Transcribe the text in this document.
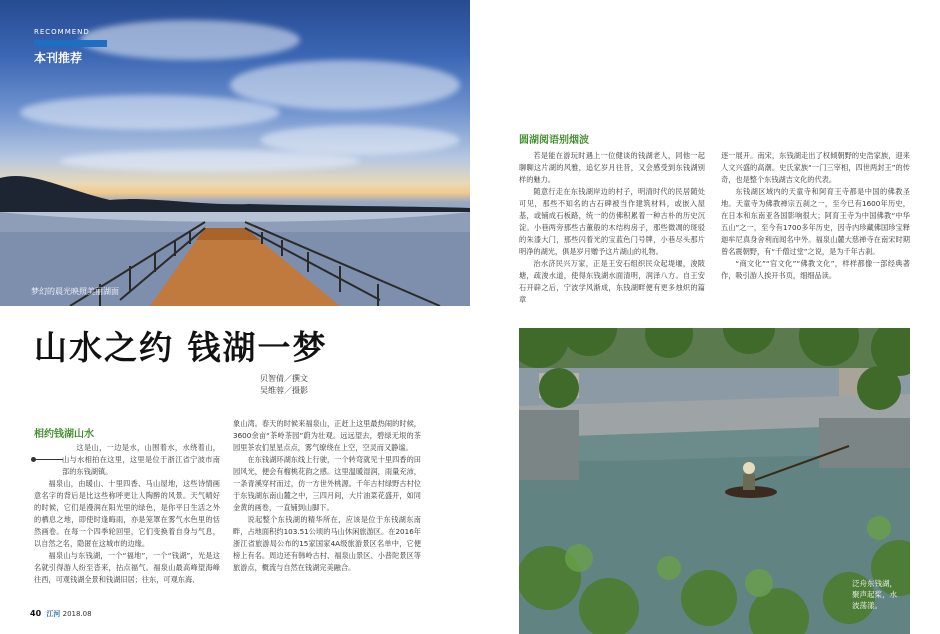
RECOMMEND
本刊推荐
梦幻的晨光映照美丽湖面
山水之约 钱湖一梦
贝智倩／撰文
吴维蓉／摄影
相约钱湖山水

这是山，一边是水，山围着水，水绕着山，山与水相拍在这里，这里是位于浙江省宁波市南部的东钱湖镇。

福泉山，由暖山、十里四香、马山屋地，这些诗情画意名字的背后是比这些称呼更让人陶醉的风景。天气晴好的时候，它们是漫润在阳光里的绿色，是你平日生活之外的栖息之地，即使时逢晦雨，亦是笼罩在雾气水色里的恬然画卷。在每一个四季轮回里，它们变换着自身与气息，以自然之名，隐匿在这城市的边缘。

福泉山与东钱湖，一个“福地”，一个“钱湖”，光是这名就引得游人纷至沓来，拈点福气。福泉山最高峰望海峰往西，可观钱湖全景和钱湖旧居；往东，可观东海、

象山湾。春天的时候来福泉山，正赶上这里最热闹的时候，3600余亩“茶岭茶园”蔚为壮观。远远望去，碧绿无垠的茶园里茶农们星星点点，雾气缭绕在上空，空灵而又静谧。

在东钱湖环湖东线上行驶，一个转弯就见十里四香的田园风光，便会有榴桃花韵之感。这里温暖湿润，雨量充沛，一条青溪穿村而过，仿一方世外桃源。千年古村绿野古村位于东钱湖东南山麓之中，三四月间，大片油菜花盛开，如同金黄的画卷，一直铺到山脚下。

说起整个东钱湖的精华所在，应该是位于东钱湖东南畔，占地面积约103.51公顷的马山休闲旅游区。在2016年浙江省旅游局公布的15家国家4A级旅游景区名单中，它便榜上有名。周边还有韩岭古村、福泉山景区、小普陀景区等旅游点，概流与自然在钱湖完美融合。

圆湖阅语别烟波

若是能在游玩时遇上一位健谈的钱湖老人，同他一起聊聊这片湖的风雅，追忆岁月往昔，又会感受到东钱湖别样的魅力。

随意行走在东钱湖岸边的村子，明清时代的民居随处可见，那些不知名的古石碑被当作建筑材料，或嵌入屋基，或铺成石板路，统一的仿佛积累着一种古朴的历史沉淀。小巷两旁那些古董般的木结构房子，那些微凋的斑驳的朱漆大门，那些闪着光的宝蓝色门号牌，小巷尽头那片明净的湖光，俱是岁月赠予这片湖山的礼物。

治水济民兴万家，正是王安石组织民众起堤堰，浚陂塘，疏浚水道，使得东钱湖水面清明，润泽八方。自王安石开辟之后，宁波学风渐成，东钱湖畔便有更多烛炽的篇章

逐一展开。南宋，东钱湖走出了权倾朝野的史浩家族，迎来人文兴盛的高潮。史氏家族“一门三宰相，四世两封王”的传奇，也是整个东钱湖吉文化的代表。

东钱湖区域内的天童寺和阿育王寺都是中国的佛教圣地。天童寺为佛教禅宗五刹之一，至今已有1600年历史，在日本和东南亚各国影响很大；阿育王寺为中国佛教“中华五山”之一，至今有1700多年历史，因寺内珍藏佛国珍宝释迦牟尼真身舍利而闻名中外。福泉山麓大慈禅寺在南宋时期曾名震朝野，有“千僧过堂”之说，是为千年古刹。

“商文化”“官文化”“佛教文化”，样样都像一部经典著作，吸引游人挨开书页，细细品读。

泛舟东钱湖，聚声起桨，水波荡漾。
40 江河 2018.08
